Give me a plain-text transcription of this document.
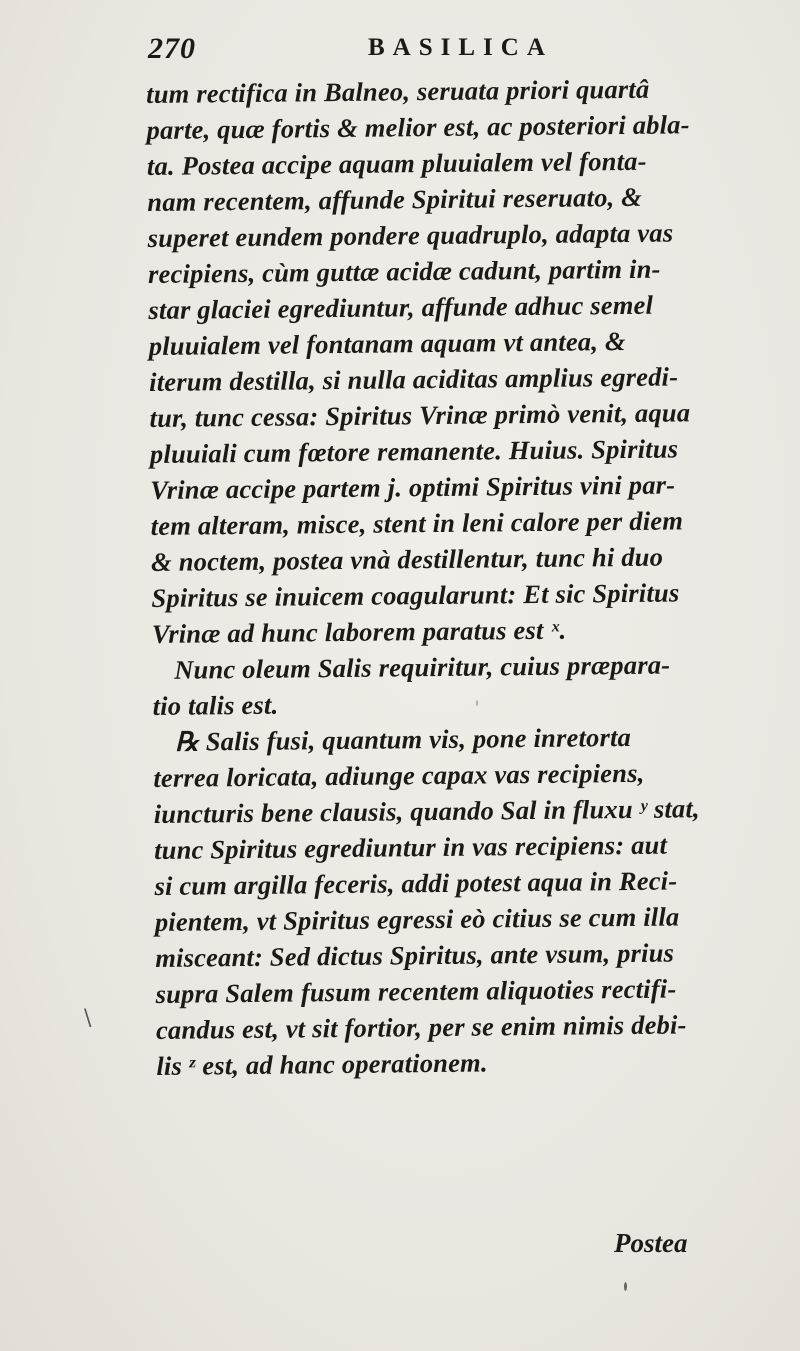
270	BASILICA
tum rectifica in Balneo, seruata priori quartâ
parte, quæ fortis & melior est, ac posteriori abla-
ta. Postea accipe aquam pluuialem vel fonta-
nam recentem, affunde Spiritui reseruato, &
superet eundem pondere quadruplo, adapta vas
recipiens, cùm guttæ acidæ cadunt, partim in-
star glaciei egrediuntur, affunde adhuc semel
pluuialem vel fontanam aquam vt antea, &
iterum destilla, si nulla aciditas amplius egredi-
tur, tunc cessa: Spiritus Vrinæ primò venit, aqua
pluuiali cum fœtore remanente. Huius. Spiritus
Vrinæ accipe partem j. optimi Spiritus vini par-
tem alteram, misce, stent in leni calore per diem
& noctem, postea vnà destillentur, tunc hi duo
Spiritus se inuicem coagularunt: Et sic Spiritus
Vrinæ ad hunc laborem paratus est ˣ.
Nunc oleum Salis requiritur, cuius præpara-
tio talis est.
℞ Salis fusi, quantum vis, pone inretorta
terrea loricata, adiunge capax vas recipiens,
iuncturis bene clausis, quando Sal in fluxu ʸ stat,
tunc Spiritus egrediuntur in vas recipiens: aut
si cum argilla feceris, addi potest aqua in Reci-
pientem, vt Spiritus egressi eò citius se cum illa
misceant: Sed dictus Spiritus, ante vsum, prius
supra Salem fusum recentem aliquoties rectifi-
candus est, vt sit fortior, per se enim nimis debi-
lis ᶻ est, ad hanc operationem.
Postea
\
